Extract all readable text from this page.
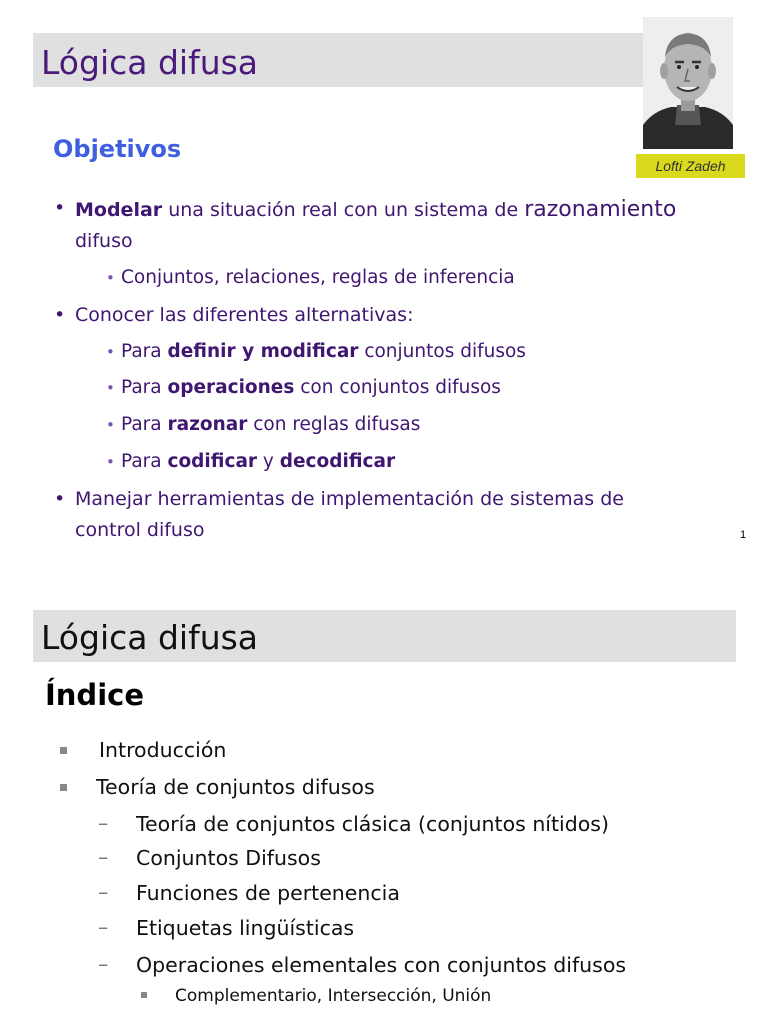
Lógica difusa
Lofti Zadeh
Objetivos
• Modelar una situación real con un sistema de razonamiento
difuso
• Conjuntos, relaciones, reglas de inferencia
• Conocer las diferentes alternativas:
• Para definir y modificar conjuntos difusos
• Para operaciones con conjuntos difusos
• Para razonar con reglas difusas
• Para codificar y decodificar
• Manejar herramientas de implementación de sistemas de
control difuso	1
Lógica difusa
Índice
Introducción
Teoría de conjuntos difusos
– Teoría de conjuntos clásica (conjuntos nítidos)
– Conjuntos Difusos
– Funciones de pertenencia
– Etiquetas lingüísticas
– Operaciones elementales con conjuntos difusos
Complementario, Intersección, Unión
